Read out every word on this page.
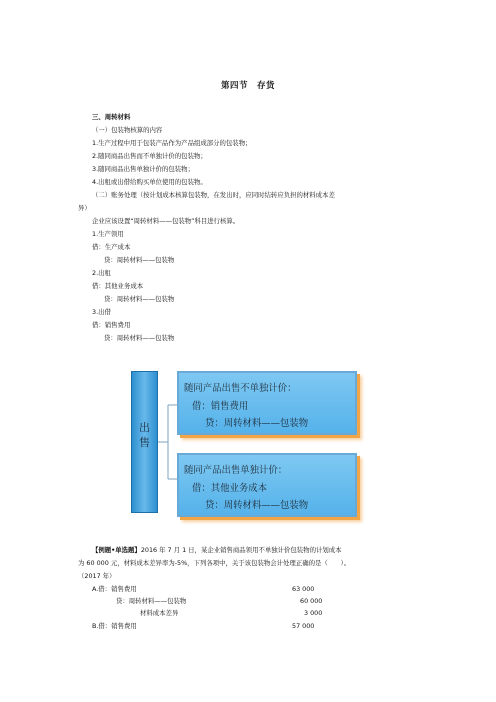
第四节　存货
三、周转材料
（一）包装物核算的内容
1.生产过程中用于包装产品作为产品组成部分的包装物；
2.随同商品出售而不单独计价的包装物；
3.随同商品出售单独计价的包装物；
4.出租或出借给购买单位使用的包装物。
（二）账务处理（按计划成本核算包装物，在发出时，应同时结转应负担的材料成本差
异）
企业应该设置“周转材料——包装物”科目进行核算。
1.生产领用
借：生产成本
贷：周转材料——包装物
2.出租
借：其他业务成本
贷：周转材料——包装物
3.出借
借：销售费用
贷：周转材料——包装物
出售
随同产品出售不单独计价：
借：销售费用
贷：周转材料——包装物
随同产品出售单独计价：
借：其他业务成本
贷：周转材料——包装物
【例题•单选题】2016 年 7 月 1 日，某企业销售商品领用不单独计价包装物的计划成本
为 60 000 元，材料成本差异率为-5%，下列各项中，关于该包装物会计处理正确的是（　　）。
（2017 年）
A.借：销售费用	63 000
贷：周转材料——包装物	60 000
材料成本差异	3 000
B.借：销售费用	57 000
